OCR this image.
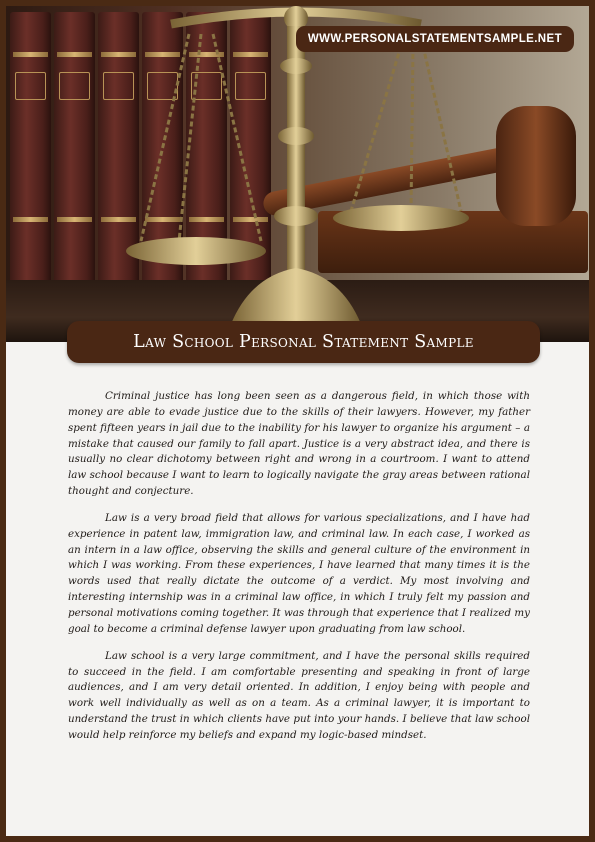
WWW.PERSONALSTATEMENTSAMPLE.NET
Law School Personal Statement Sample

Criminal justice has long been seen as a dangerous field, in which those with money are able to evade justice due to the skills of their lawyers. However, my father spent fifteen years in jail due to the inability for his lawyer to organize his argument – a mistake that caused our family to fall apart. Justice is a very abstract idea, and there is usually no clear dichotomy between right and wrong in a courtroom. I want to attend law school because I want to learn to logically navigate the gray areas between rational thought and conjecture.

Law is a very broad field that allows for various specializations, and I have had experience in patent law, immigration law, and criminal law. In each case, I worked as an intern in a law office, observing the skills and general culture of the environment in which I was working. From these experiences, I have learned that many times it is the words used that really dictate the outcome of a verdict. My most involving and interesting internship was in a criminal law office, in which I truly felt my passion and personal motivations coming together. It was through that experience that I realized my goal to become a criminal defense lawyer upon graduating from law school.

Law school is a very large commitment, and I have the personal skills required to succeed in the field. I am comfortable presenting and speaking in front of large audiences, and I am very detail oriented. In addition, I enjoy being with people and work well individually as well as on a team. As a criminal lawyer, it is important to understand the trust in which clients have put into your hands. I believe that law school would help reinforce my beliefs and expand my logic-based mindset.
